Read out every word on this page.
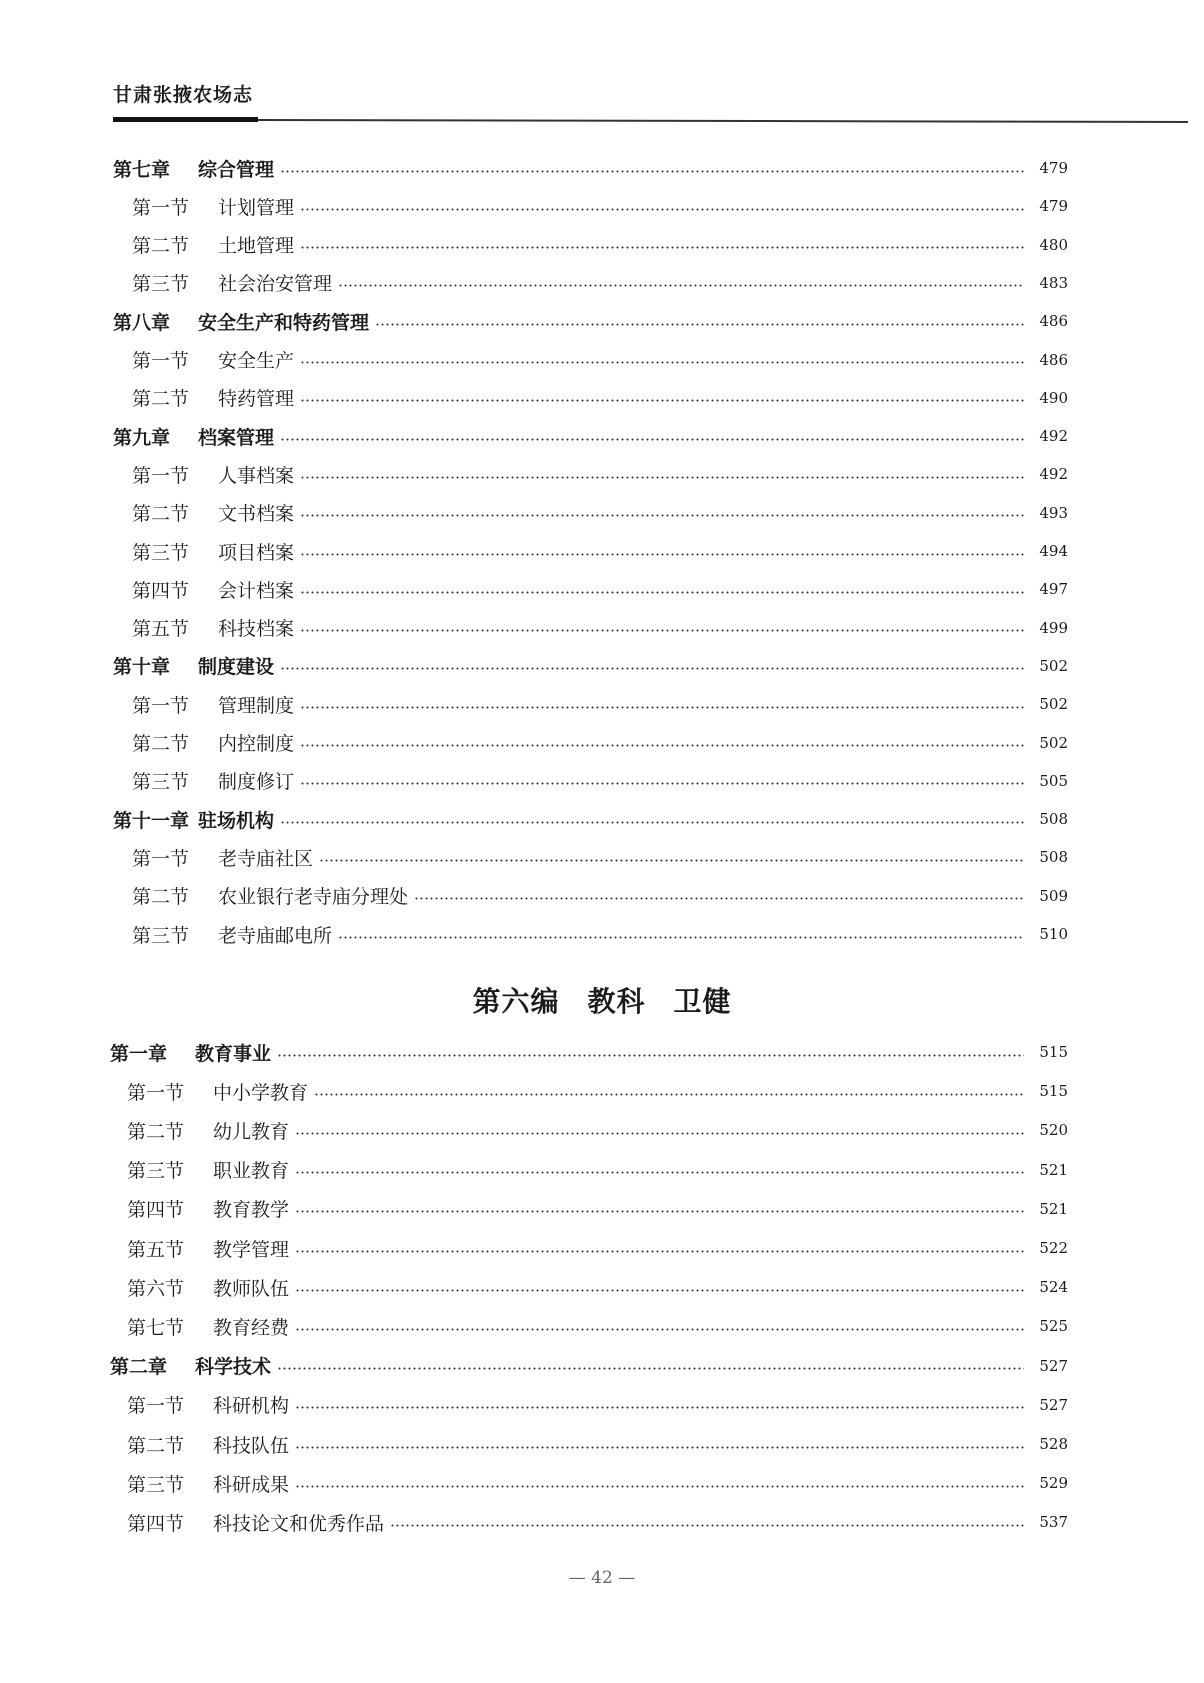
甘肃张掖农场志
第七章	综合管理	479
第一节	计划管理	479
第二节	土地管理	480
第三节	社会治安管理	483
第八章	安全生产和特药管理	486
第一节	安全生产	486
第二节	特药管理	490
第九章	档案管理	492
第一节	人事档案	492
第二节	文书档案	493
第三节	项目档案	494
第四节	会计档案	497
第五节	科技档案	499
第十章	制度建设	502
第一节	管理制度	502
第二节	内控制度	502
第三节	制度修订	505
第十一章 驻场机构	508
第一节	老寺庙社区	508
第二节	农业银行老寺庙分理处	509
第三节	老寺庙邮电所	510
第六编 教科 卫健
第一章	教育事业	515
第一节	中小学教育	515
第二节	幼儿教育	520
第三节	职业教育	521
第四节	教育教学	521
第五节	教学管理	522
第六节	教师队伍	524
第七节	教育经费	525
第二章	科学技术	527
第一节	科研机构	527
第二节	科技队伍	528
第三节	科研成果	529
第四节	科技论文和优秀作品	537
— 42 —
